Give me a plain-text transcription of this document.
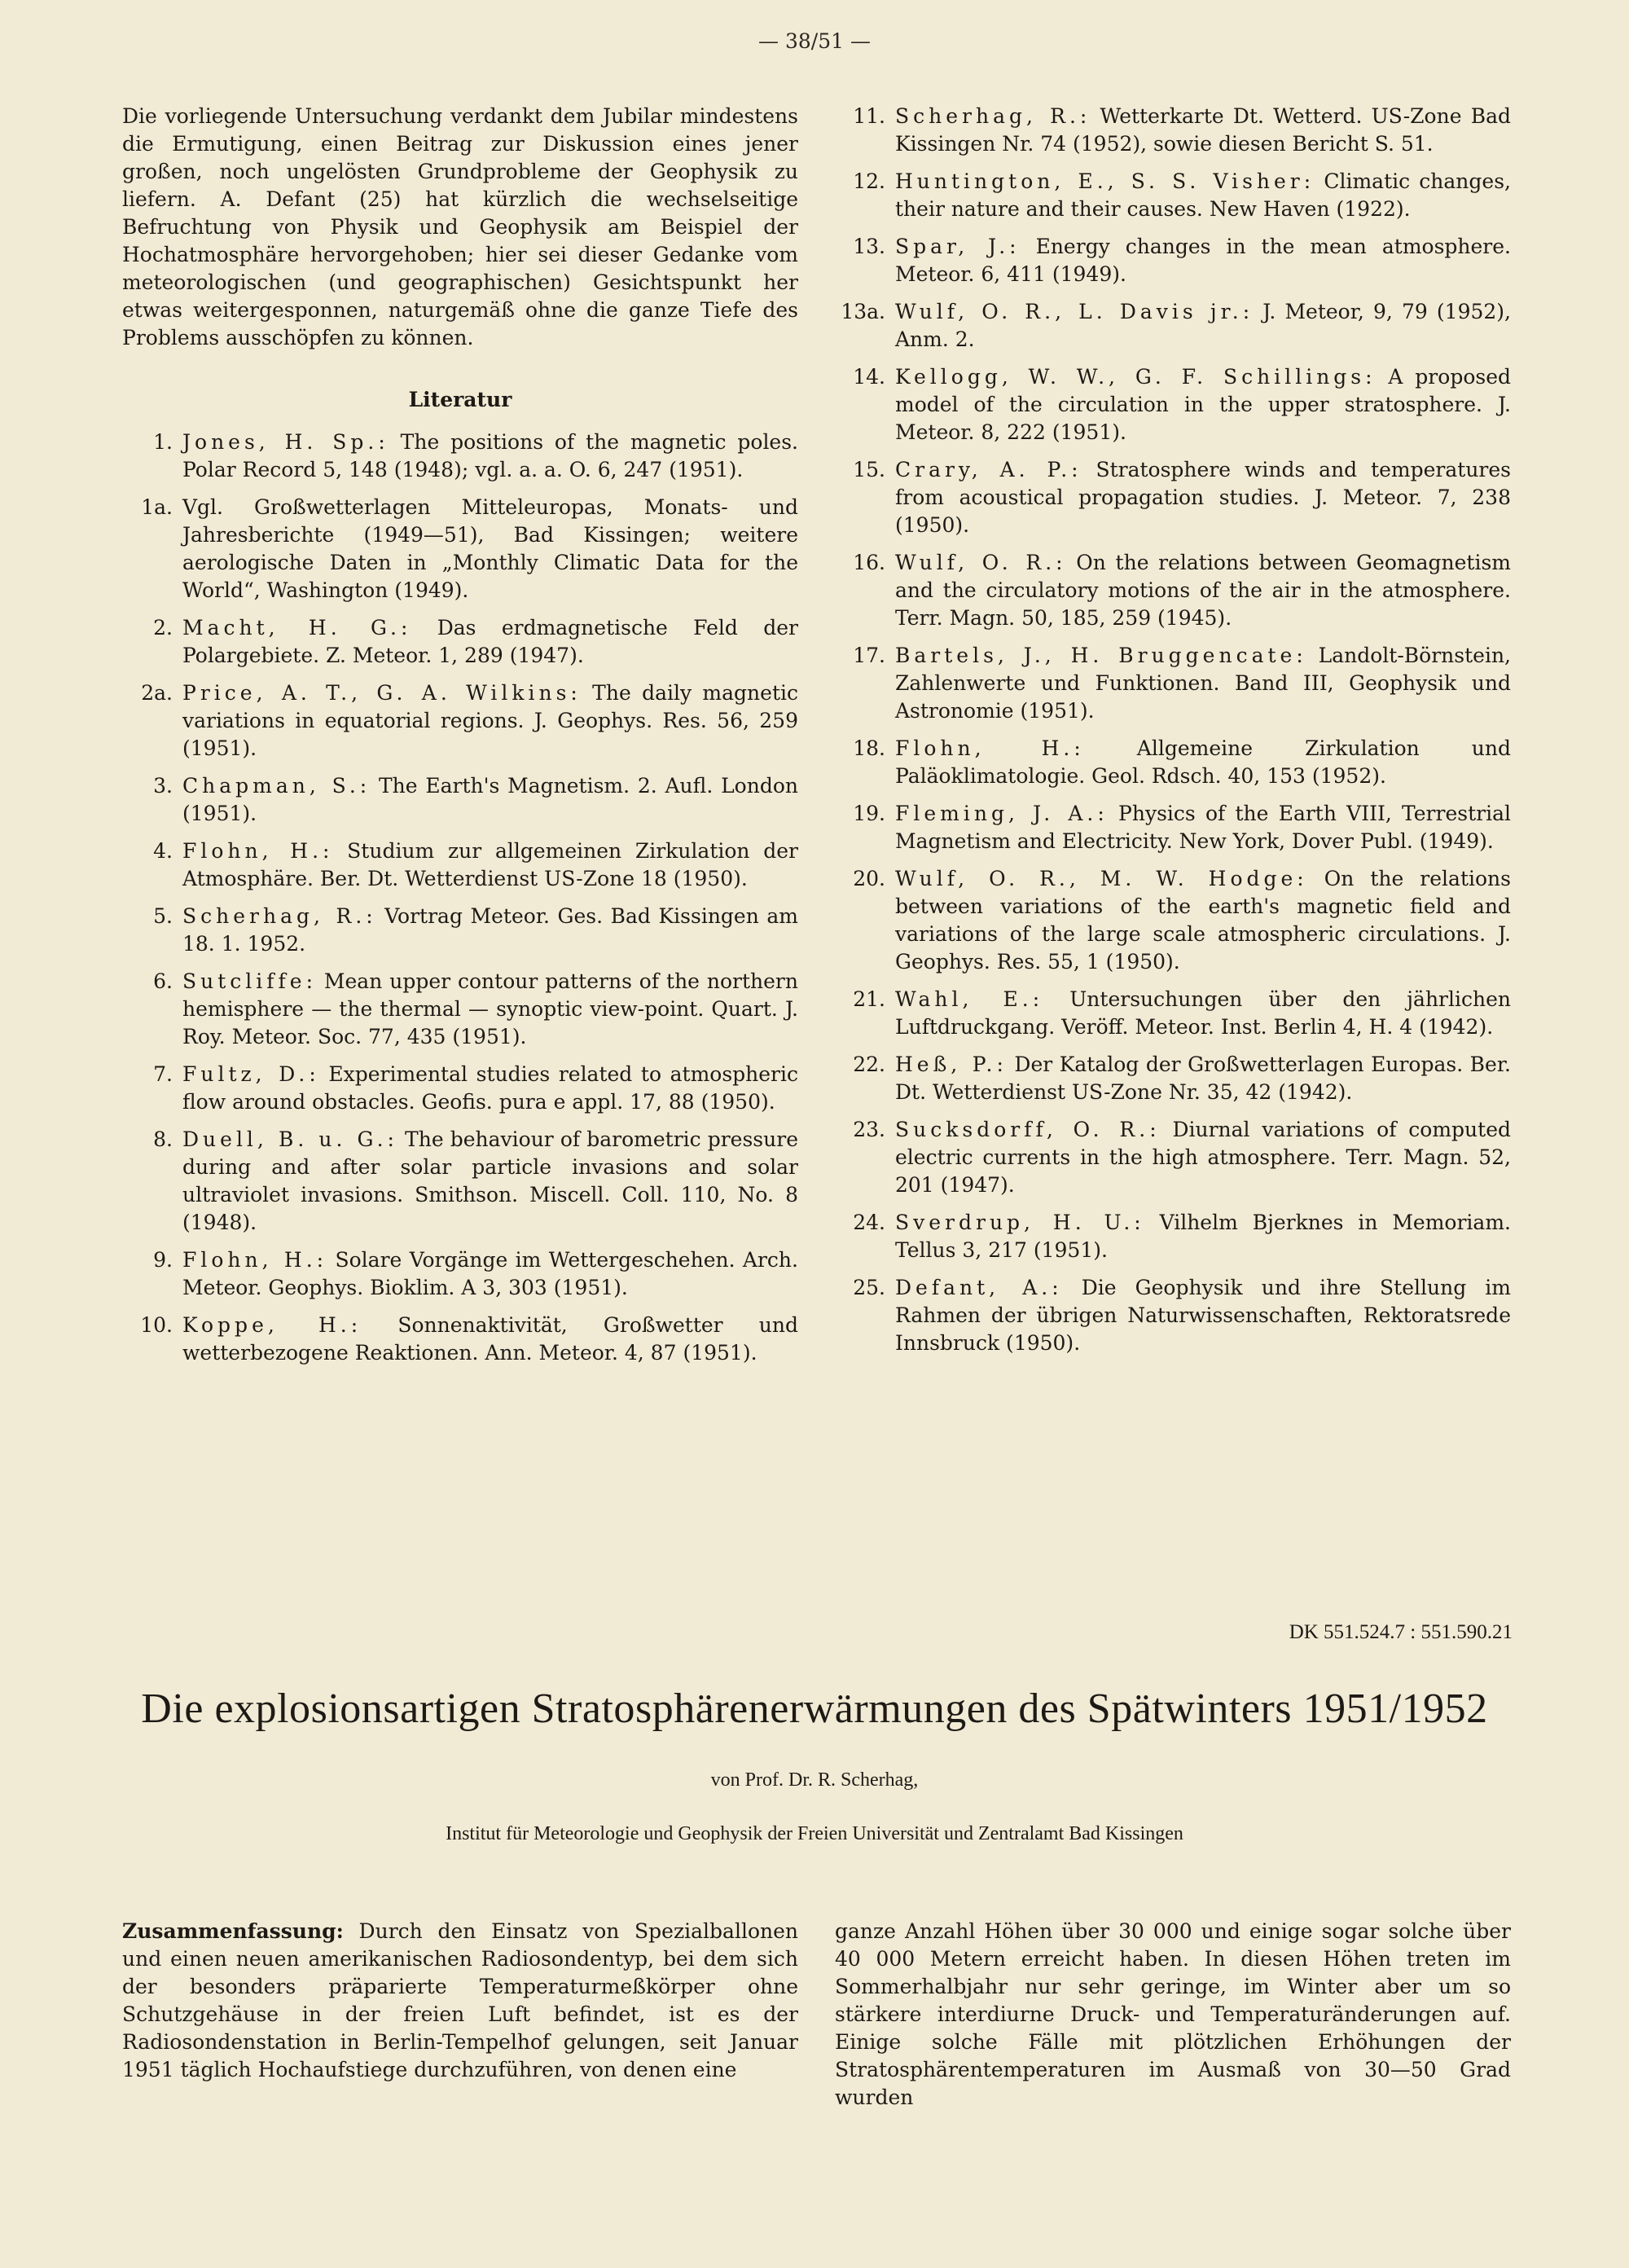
— 38/51 —

Die vorliegende Untersuchung verdankt dem Jubilar mindestens die Ermutigung, einen Beitrag zur Diskussion eines jener großen, noch ungelösten Grundprobleme der Geophysik zu liefern. A. Defant (25) hat kürzlich die wechselseitige Befruchtung von Physik und Geophysik am Beispiel der Hochatmosphäre hervorgehoben; hier sei dieser Gedanke vom meteorologischen (und geographischen) Gesichtspunkt her etwas weitergesponnen, naturgemäß ohne die ganze Tiefe des Problems ausschöpfen zu können.

Literatur
1. Jones, H. Sp.: The positions of the magnetic poles. Polar Record 5, 148 (1948); vgl. a. a. O. 6, 247 (1951).
1a. Vgl. Großwetterlagen Mitteleuropas, Monats- und Jahresberichte (1949—51), Bad Kissingen; weitere aerologische Daten in „Monthly Climatic Data for the World“, Washington (1949).
2. Macht, H. G.: Das erdmagnetische Feld der Polargebiete. Z. Meteor. 1, 289 (1947).
2a. Price, A. T., G. A. Wilkins: The daily magnetic variations in equatorial regions. J. Geophys. Res. 56, 259 (1951).
3. Chapman, S.: The Earth's Magnetism. 2. Aufl. London (1951).
4. Flohn, H.: Studium zur allgemeinen Zirkulation der Atmosphäre. Ber. Dt. Wetterdienst US-Zone 18 (1950).
5. Scherhag, R.: Vortrag Meteor. Ges. Bad Kissingen am 18. 1. 1952.
6. Sutcliffe: Mean upper contour patterns of the northern hemisphere — the thermal — synoptic view-point. Quart. J. Roy. Meteor. Soc. 77, 435 (1951).
7. Fultz, D.: Experimental studies related to atmospheric flow around obstacles. Geofis. pura e appl. 17, 88 (1950).
8. Duell, B. u. G.: The behaviour of barometric pressure during and after solar particle invasions and solar ultraviolet invasions. Smithson. Miscell. Coll. 110, No. 8 (1948).
9. Flohn, H.: Solare Vorgänge im Wettergeschehen. Arch. Meteor. Geophys. Bioklim. A 3, 303 (1951).
10. Koppe, H.: Sonnenaktivität, Großwetter und wetterbezogene Reaktionen. Ann. Meteor. 4, 87 (1951).
11. Scherhag, R.: Wetterkarte Dt. Wetterd. US-Zone Bad Kissingen Nr. 74 (1952), sowie diesen Bericht S. 51.
12. Huntington, E., S. S. Visher: Climatic changes, their nature and their causes. New Haven (1922).
13. Spar, J.: Energy changes in the mean atmosphere. Meteor. 6, 411 (1949).
13a. Wulf, O. R., L. Davis jr.: J. Meteor, 9, 79 (1952), Anm. 2.
14. Kellogg, W. W., G. F. Schillings: A proposed model of the circulation in the upper stratosphere. J. Meteor. 8, 222 (1951).
15. Crary, A. P.: Stratosphere winds and temperatures from acoustical propagation studies. J. Meteor. 7, 238 (1950).
16. Wulf, O. R.: On the relations between Geomagnetism and the circulatory motions of the air in the atmosphere. Terr. Magn. 50, 185, 259 (1945).
17. Bartels, J., H. Bruggencate: Landolt-Börnstein, Zahlenwerte und Funktionen. Band III, Geophysik und Astronomie (1951).
18. Flohn, H.: Allgemeine Zirkulation und Paläoklimatologie. Geol. Rdsch. 40, 153 (1952).
19. Fleming, J. A.: Physics of the Earth VIII, Terrestrial Magnetism and Electricity. New York, Dover Publ. (1949).
20. Wulf, O. R., M. W. Hodge: On the relations between variations of the earth's magnetic field and variations of the large scale atmospheric circulations. J. Geophys. Res. 55, 1 (1950).
21. Wahl, E.: Untersuchungen über den jährlichen Luftdruckgang. Veröff. Meteor. Inst. Berlin 4, H. 4 (1942).
22. Heß, P.: Der Katalog der Großwetterlagen Europas. Ber. Dt. Wetterdienst US-Zone Nr. 35, 42 (1942).
23. Sucksdorff, O. R.: Diurnal variations of computed electric currents in the high atmosphere. Terr. Magn. 52, 201 (1947).
24. Sverdrup, H. U.: Vilhelm Bjerknes in Memoriam. Tellus 3, 217 (1951).
25. Defant, A.: Die Geophysik und ihre Stellung im Rahmen der übrigen Naturwissenschaften, Rektoratsrede Innsbruck (1950).
DK 551.524.7 : 551.590.21
Die explosionsartigen Stratosphärenerwärmungen des Spätwinters 1951/1952
von Prof. Dr. R. Scherhag,
Institut für Meteorologie und Geophysik der Freien Universität und Zentralamt Bad Kissingen
Zusammenfassung: Durch den Einsatz von Spezialballonen und einen neuen amerikanischen Radiosondentyp, bei dem sich der besonders präparierte Temperaturmeßkörper ohne Schutzgehäuse in der freien Luft befindet, ist es der Radiosondenstation in Berlin-Tempelhof gelungen, seit Januar 1951 täglich Hochaufstiege durchzuführen, von denen eine
ganze Anzahl Höhen über 30 000 und einige sogar solche über 40 000 Metern erreicht haben. In diesen Höhen treten im Sommerhalbjahr nur sehr geringe, im Winter aber um so stärkere interdiurne Druck- und Temperaturänderungen auf. Einige solche Fälle mit plötzlichen Erhöhungen der Stratosphärentemperaturen im Ausmaß von 30—50 Grad wurden
